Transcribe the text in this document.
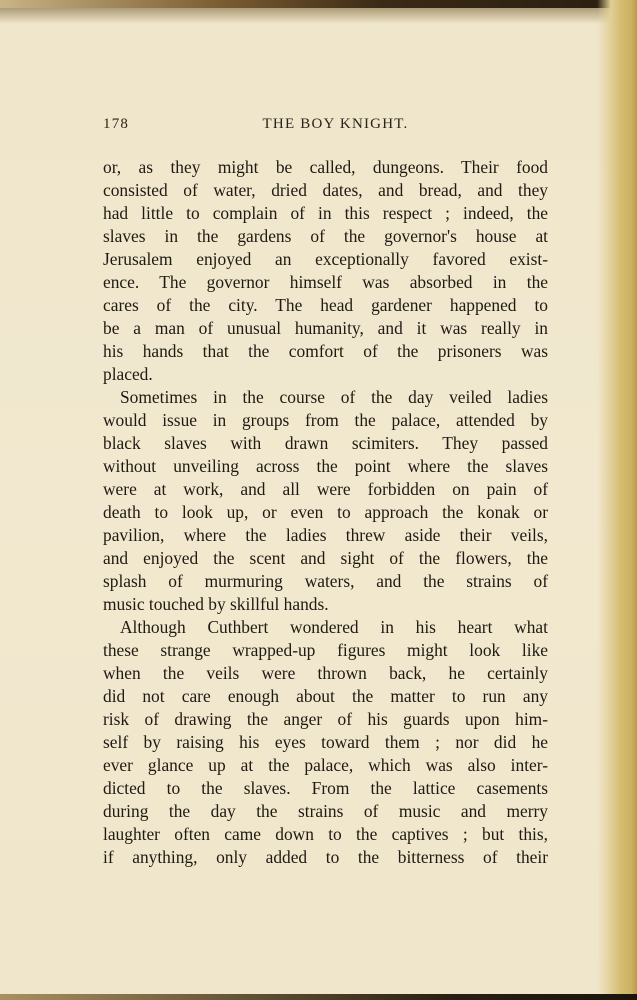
178	THE BOY KNIGHT.
or, as they might be called, dungeons. Their food
consisted of water, dried dates, and bread, and they
had little to complain of in this respect ; indeed, the
slaves in the gardens of the governor's house at
Jerusalem enjoyed an exceptionally favored exist-
ence. The governor himself was absorbed in the
cares of the city. The head gardener happened to
be a man of unusual humanity, and it was really in
his hands that the comfort of the prisoners was
placed.
Sometimes in the course of the day veiled ladies
would issue in groups from the palace, attended by
black slaves with drawn scimiters. They passed
without unveiling across the point where the slaves
were at work, and all were forbidden on pain of
death to look up, or even to approach the konak or
pavilion, where the ladies threw aside their veils,
and enjoyed the scent and sight of the flowers, the
splash of murmuring waters, and the strains of
music touched by skillful hands.
Although Cuthbert wondered in his heart what
these strange wrapped-up figures might look like
when the veils were thrown back, he certainly
did not care enough about the matter to run any
risk of drawing the anger of his guards upon him-
self by raising his eyes toward them ; nor did he
ever glance up at the palace, which was also inter-
dicted to the slaves. From the lattice casements
during the day the strains of music and merry
laughter often came down to the captives ; but this,
if anything, only added to the bitterness of their
